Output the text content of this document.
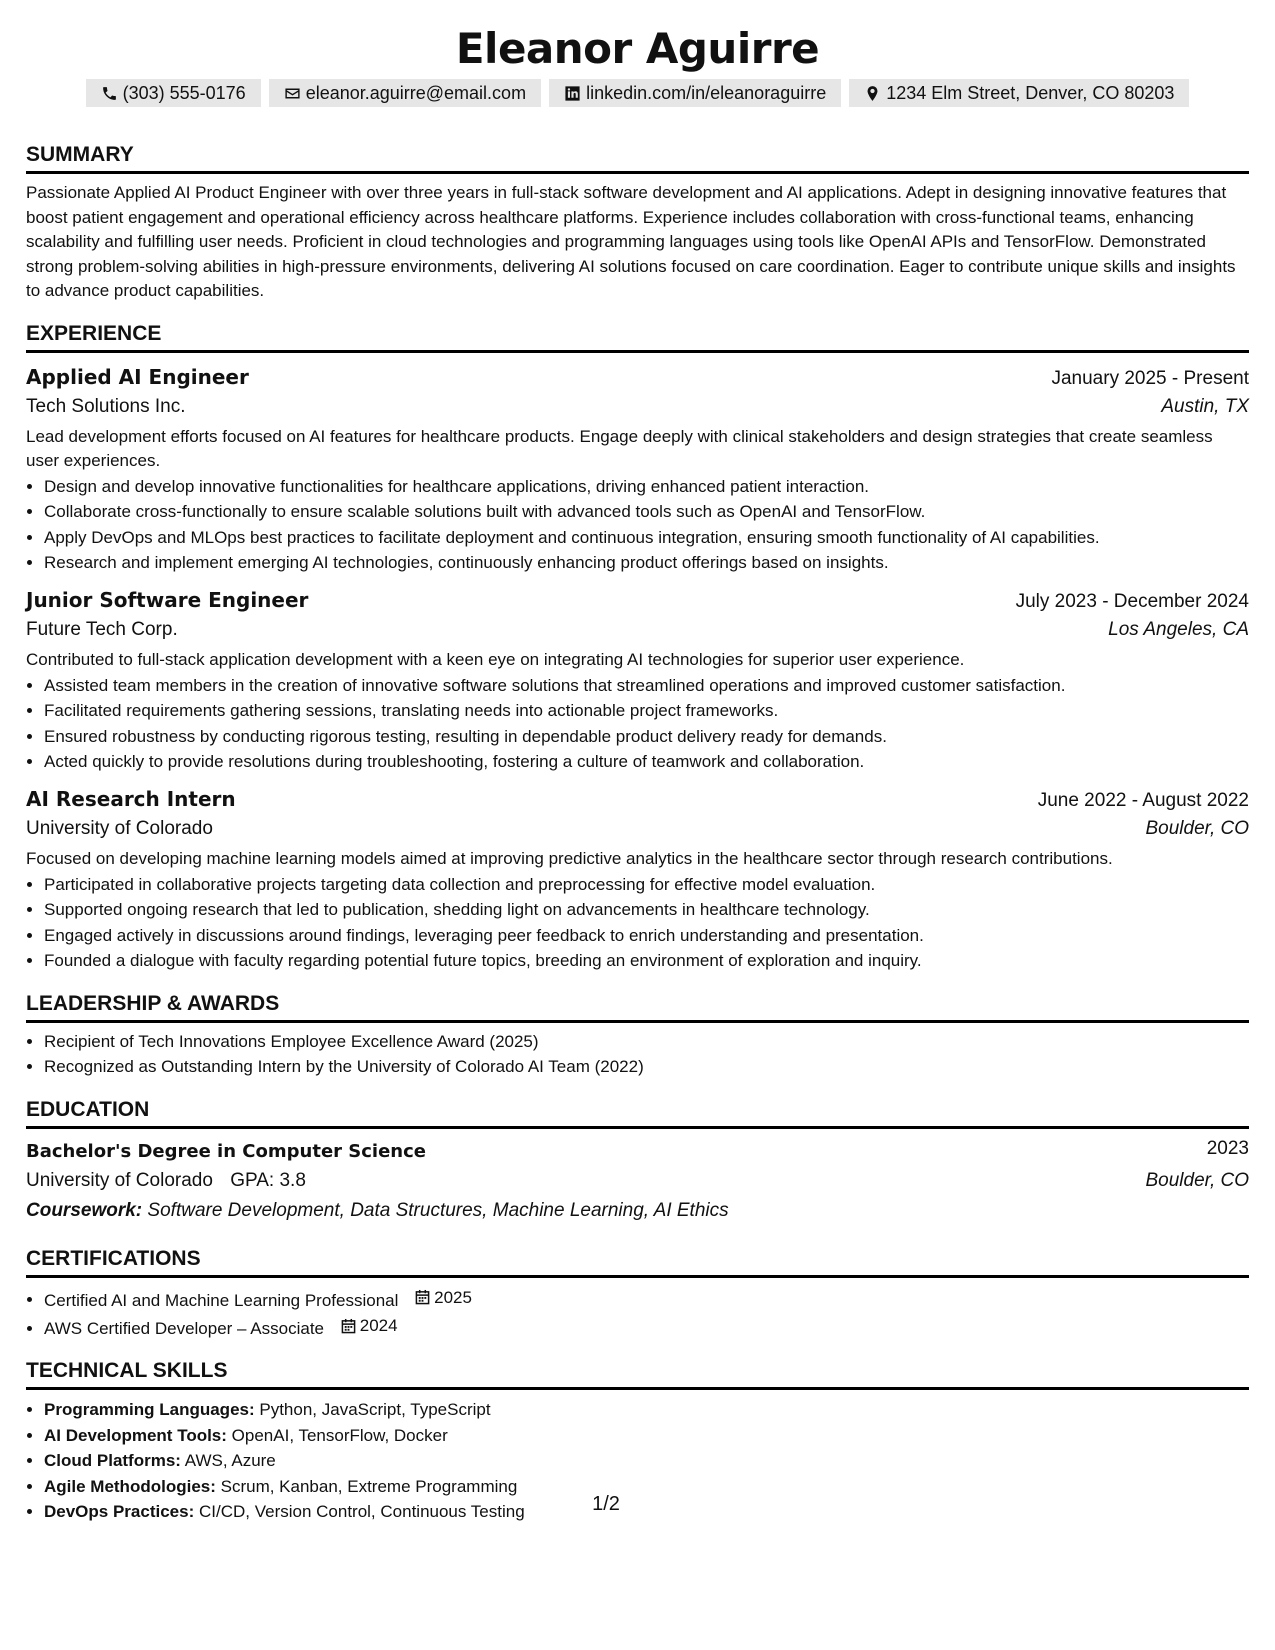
Eleanor Aguirre
(303) 555-0176	eleanor.aguirre@email.com	linkedin.com/in/eleanoraguirre	1234 Elm Street, Denver, CO 80203
SUMMARY
Passionate Applied AI Product Engineer with over three years in full-stack software development and AI applications. Adept in designing innovative features that boost patient engagement and operational efficiency across healthcare platforms. Experience includes collaboration with cross-functional teams, enhancing scalability and fulfilling user needs. Proficient in cloud technologies and programming languages using tools like OpenAI APIs and TensorFlow. Demonstrated strong problem-solving abilities in high-pressure environments, delivering AI solutions focused on care coordination. Eager to contribute unique skills and insights to advance product capabilities.
EXPERIENCE
Applied AI Engineer	January 2025 - Present
Tech Solutions Inc.	Austin, TX
Lead development efforts focused on AI features for healthcare products. Engage deeply with clinical stakeholders and design strategies that create seamless user experiences.
• Design and develop innovative functionalities for healthcare applications, driving enhanced patient interaction.
• Collaborate cross-functionally to ensure scalable solutions built with advanced tools such as OpenAI and TensorFlow.
• Apply DevOps and MLOps best practices to facilitate deployment and continuous integration, ensuring smooth functionality of AI capabilities.
• Research and implement emerging AI technologies, continuously enhancing product offerings based on insights.
Junior Software Engineer	July 2023 - December 2024
Future Tech Corp.	Los Angeles, CA
Contributed to full-stack application development with a keen eye on integrating AI technologies for superior user experience.
• Assisted team members in the creation of innovative software solutions that streamlined operations and improved customer satisfaction.
• Facilitated requirements gathering sessions, translating needs into actionable project frameworks.
• Ensured robustness by conducting rigorous testing, resulting in dependable product delivery ready for demands.
• Acted quickly to provide resolutions during troubleshooting, fostering a culture of teamwork and collaboration.
AI Research Intern	June 2022 - August 2022
University of Colorado	Boulder, CO
Focused on developing machine learning models aimed at improving predictive analytics in the healthcare sector through research contributions.
• Participated in collaborative projects targeting data collection and preprocessing for effective model evaluation.
• Supported ongoing research that led to publication, shedding light on advancements in healthcare technology.
• Engaged actively in discussions around findings, leveraging peer feedback to enrich understanding and presentation.
• Founded a dialogue with faculty regarding potential future topics, breeding an environment of exploration and inquiry.
LEADERSHIP & AWARDS
• Recipient of Tech Innovations Employee Excellence Award (2025)
• Recognized as Outstanding Intern by the University of Colorado AI Team (2022)
EDUCATION
Bachelor's Degree in Computer Science	2023
University of Colorado GPA: 3.8	Boulder, CO
Coursework: Software Development, Data Structures, Machine Learning, AI Ethics
CERTIFICATIONS
• Certified AI and Machine Learning Professional 2025
• AWS Certified Developer – Associate 2024
TECHNICAL SKILLS
• Programming Languages: Python, JavaScript, TypeScript
• AI Development Tools: OpenAI, TensorFlow, Docker
• Cloud Platforms: AWS, Azure
• Agile Methodologies: Scrum, Kanban, Extreme Programming
• DevOps Practices: CI/CD, Version Control, Continuous Testing	1/2
